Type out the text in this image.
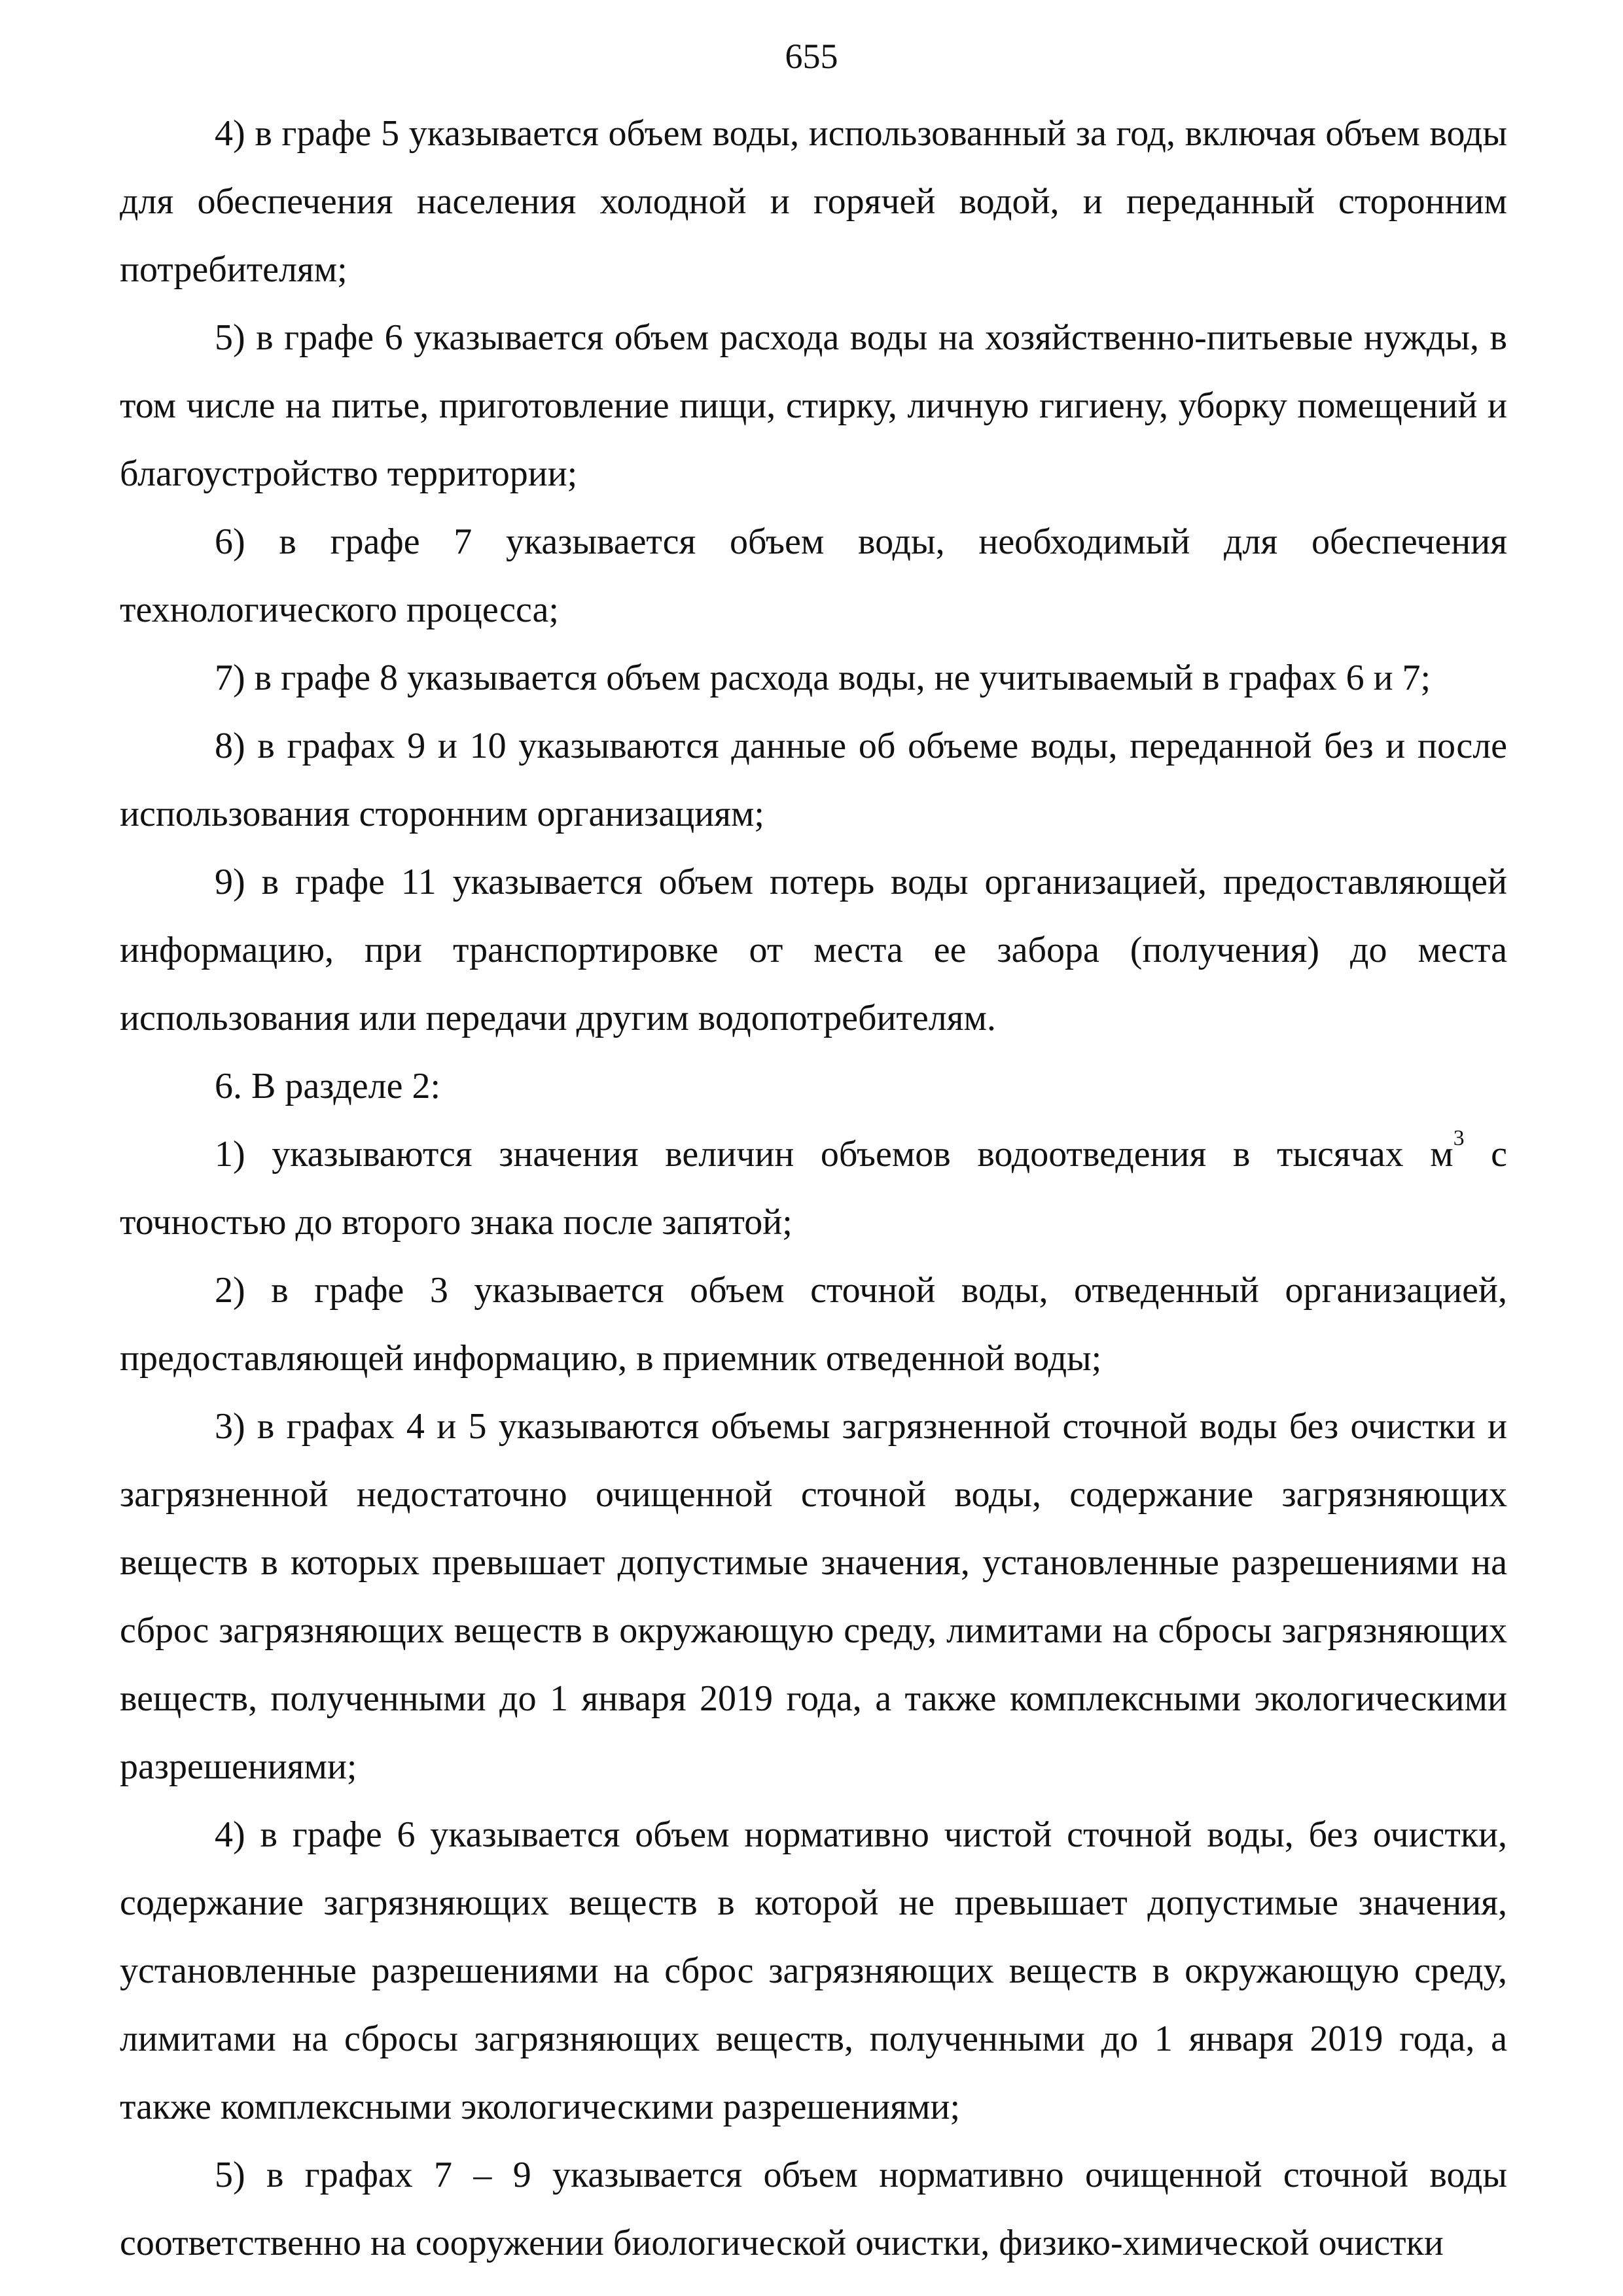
655

4) в графе 5 указывается объем воды, использованный за год, включая объем воды для обеспечения населения холодной и горячей водой, и переданный сторонним потребителям;

5) в графе 6 указывается объем расхода воды на хозяйственно-питьевые нужды, в том числе на питье, приготовление пищи, стирку, личную гигиену, уборку помещений и благоустройство территории;

6) в графе 7 указывается объем воды, необходимый для обеспечения технологического процесса;

7) в графе 8 указывается объем расхода воды, не учитываемый в графах 6 и 7;

8) в графах 9 и 10 указываются данные об объеме воды, переданной без и после использования сторонним организациям;

9) в графе 11 указывается объем потерь воды организацией, предоставляющей информацию, при транспортировке от места ее забора (получения) до места использования или передачи другим водопотребителям.

6. В разделе 2:

1) указываются значения величин объемов водоотведения в тысячах $м^3$ с точностью до второго знака после запятой;

2) в графе 3 указывается объем сточной воды, отведенный организацией, предоставляющей информацию, в приемник отведенной воды;

3) в графах 4 и 5 указываются объемы загрязненной сточной воды без очистки и загрязненной недостаточно очищенной сточной воды, содержание загрязняющих веществ в которых превышает допустимые значения, установленные разрешениями на сброс загрязняющих веществ в окружающую среду, лимитами на сбросы загрязняющих веществ, полученными до 1 января 2019 года, а также комплексными экологическими разрешениями;

4) в графе 6 указывается объем нормативно чистой сточной воды, без очистки, содержание загрязняющих веществ в которой не превышает допустимые значения, установленные разрешениями на сброс загрязняющих веществ в окружающую среду, лимитами на сбросы загрязняющих веществ, полученными до 1 января 2019 года, а также комплексными экологическими разрешениями;

5) в графах 7 – 9 указывается объем нормативно очищенной сточной воды соответственно на сооружении биологической очистки, физико-химической очистки
